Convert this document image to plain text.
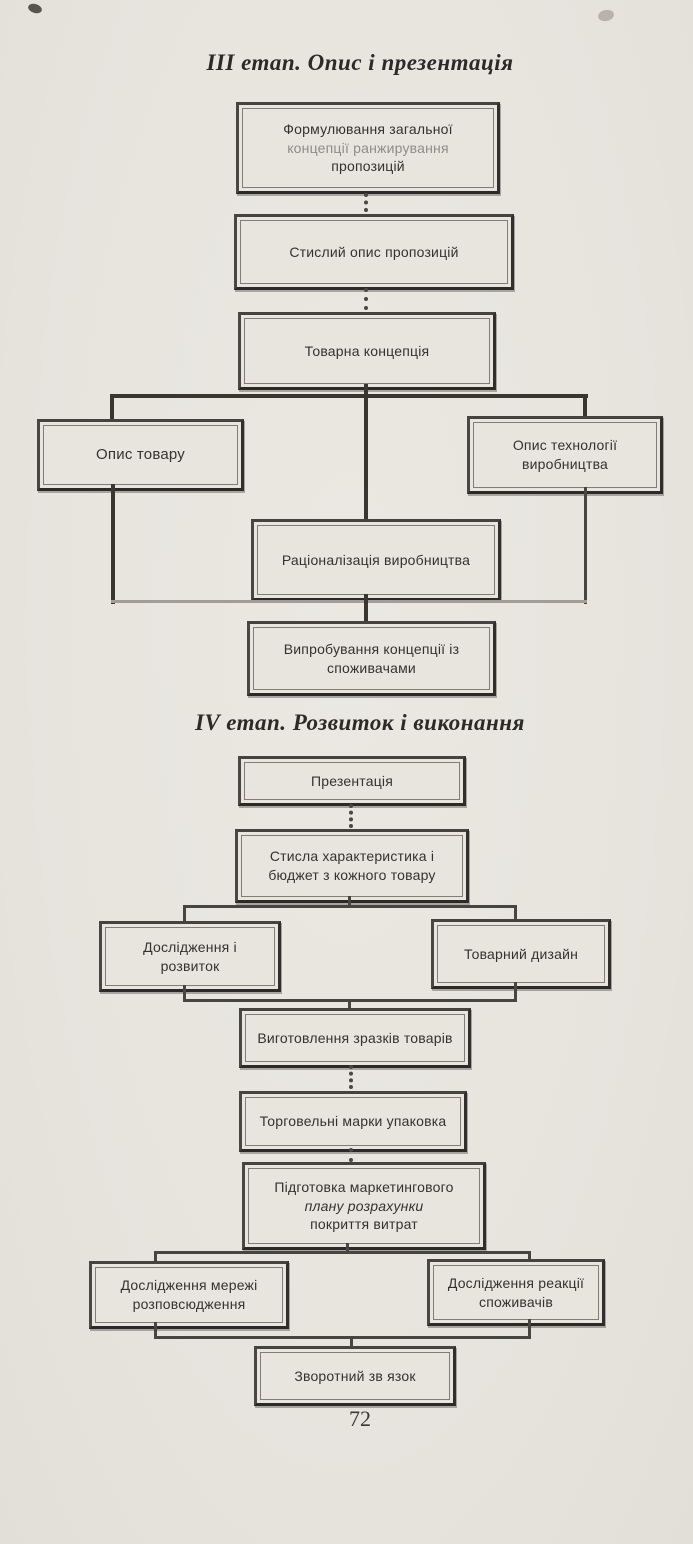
ІІІ етап. Опис і презентація
Формулювання загальної
концепції ранжирування
пропозицій
Стислий опис пропозицій
Товарна концепція
Опис товару
Опис технології
виробництва
Раціоналізація виробництва
Випробування концепції із
споживачами
IV етап. Розвиток і виконання
Презентація
Стисла характеристика і
бюджет з кожного товару
Дослідження і
розвиток
Товарний дизайн
Виготовлення зразків товарів
Торговельні марки упаковка
Підготовка маркетингового
плану розрахунки
покриття витрат
Дослідження мережі
розповсюдження
Дослідження реакції
споживачів
Зворотний зв язок
72
